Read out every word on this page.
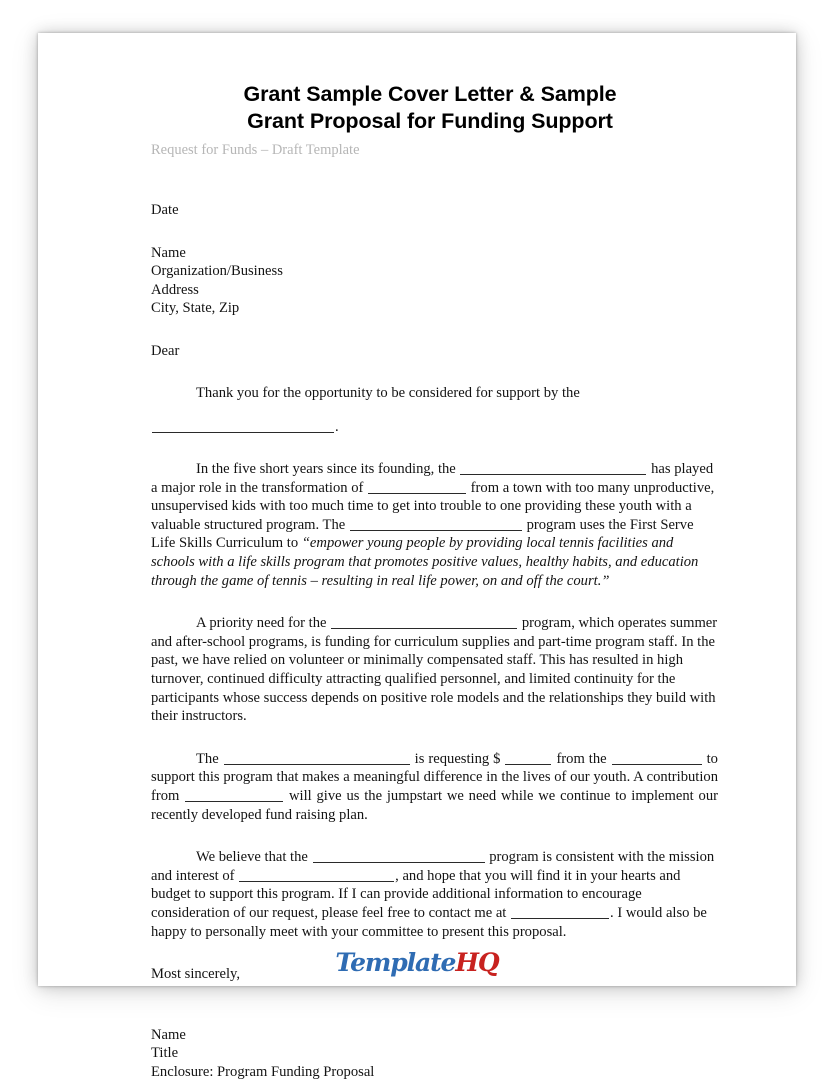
Grant Sample Cover Letter & Sample
Grant Proposal for Funding Support
Request for Funds – Draft Template
Date
Name
Organization/Business
Address
City, State, Zip
Dear

Thank you for the opportunity to be considered for support by the

.

In the five short years since its founding, the	has played a major role in the transformation of	from a town with too many unproductive, unsupervised kids with too much time to get into trouble to one providing these youth with a valuable structured program. The	program uses the First Serve Life Skills Curriculum to “empower young people by providing local tennis facilities and schools with a life skills program that promotes positive values, healthy habits, and education through the game of tennis – resulting in real life power, on and off the court.”

A priority need for the	program, which operates summer and after-school programs, is funding for curriculum supplies and part-time program staff. In the past, we have relied on volunteer or minimally compensated staff. This has resulted in high turnover, continued difficulty attracting qualified personnel, and limited continuity for the participants whose success depends on positive role models and the relationships they build with their instructors.

The	is requesting $	from the	to support this program that makes a meaningful difference in the lives of our youth. A contribution from	will give us the jumpstart we need while we continue to implement our recently developed fund raising plan.

We believe that the	program is consistent with the mission and interest of	, and hope that you will find it in your hearts and budget to support this program. If I can provide additional information to encourage consideration of our request, please feel free to contact me at	. I would also be happy to personally meet with your committee to present this proposal.

Most sincerely,
Name
Title
Enclosure: Program Funding Proposal
TemplateHQ
